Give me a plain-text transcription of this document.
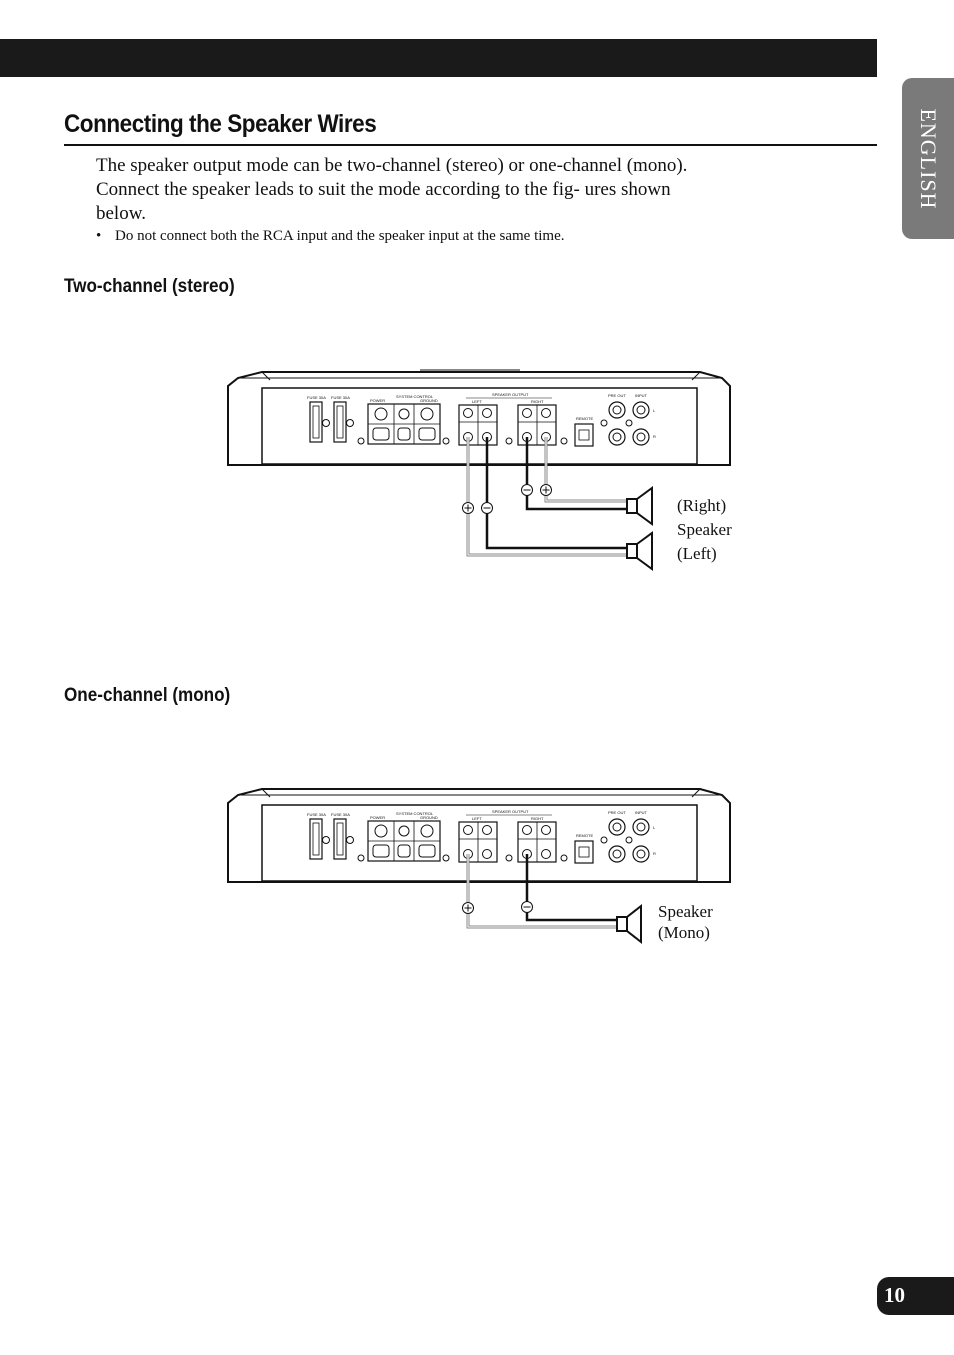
ENGLISH
Connecting the Speaker Wires

The speaker output mode can be two-channel (stereo) or one-channel (mono). Connect the speaker leads to suit the mode according to the fig- ures shown below.

• Do not connect both the RCA input and the speaker input at the same time.

Two-channel (stereo)
FUSE 30A FUSE 30A
POWER
SYSTEM CONTROL
GROUND
SPEAKER OUTPUT
LEFT	RIGHT
REMOTE
PRE OUT INPUT
L
R
(Right)
Speaker
(Left)
One-channel (mono)
FUSE 30A FUSE 30A
POWER
SYSTEM CONTROL
GROUND
SPEAKER OUTPUT
LEFT	RIGHT
REMOTE
PRE OUT INPUT
L
R
Speaker
(Mono)
10
